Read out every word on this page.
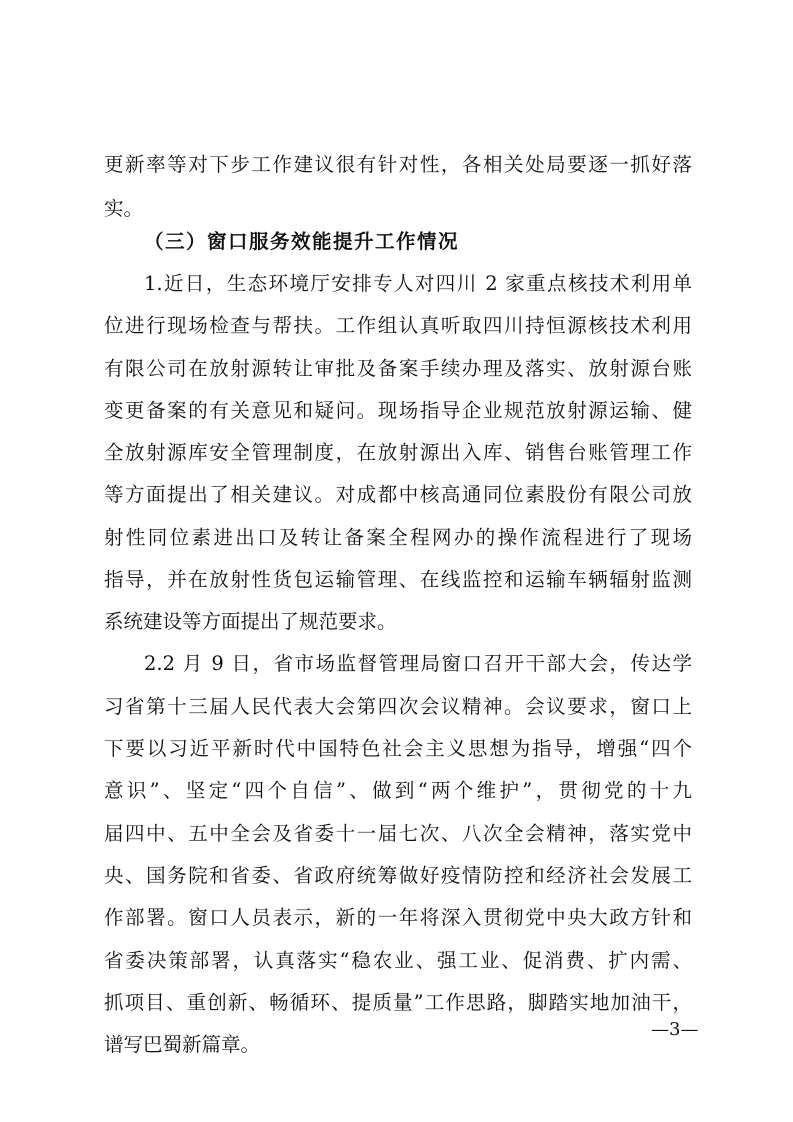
更新率等对下步工作建议很有针对性，各相关处局要逐一抓好落
实。
（三）窗口服务效能提升工作情况
1.近日，生态环境厅安排专人对四川 2 家重点核技术利用单
位进行现场检查与帮扶。工作组认真听取四川持恒源核技术利用
有限公司在放射源转让审批及备案手续办理及落实、放射源台账
变更备案的有关意见和疑问。现场指导企业规范放射源运输、健
全放射源库安全管理制度，在放射源出入库、销售台账管理工作
等方面提出了相关建议。对成都中核高通同位素股份有限公司放
射性同位素进出口及转让备案全程网办的操作流程进行了现场
指导，并在放射性货包运输管理、在线监控和运输车辆辐射监测
系统建设等方面提出了规范要求。
2.2 月 9 日，省市场监督管理局窗口召开干部大会，传达学
习省第十三届人民代表大会第四次会议精神。会议要求，窗口上
下要以习近平新时代中国特色社会主义思想为指导，增强“四个
意识”、坚定“四个自信”、做到“两个维护”，贯彻党的十九
届四中、五中全会及省委十一届七次、八次全会精神，落实党中
央、国务院和省委、省政府统筹做好疫情防控和经济社会发展工
作部署。窗口人员表示，新的一年将深入贯彻党中央大政方针和
省委决策部署，认真落实“稳农业、强工业、促消费、扩内需、
抓项目、重创新、畅循环、提质量”工作思路，脚踏实地加油干，
谱写巴蜀新篇章。
—3—
